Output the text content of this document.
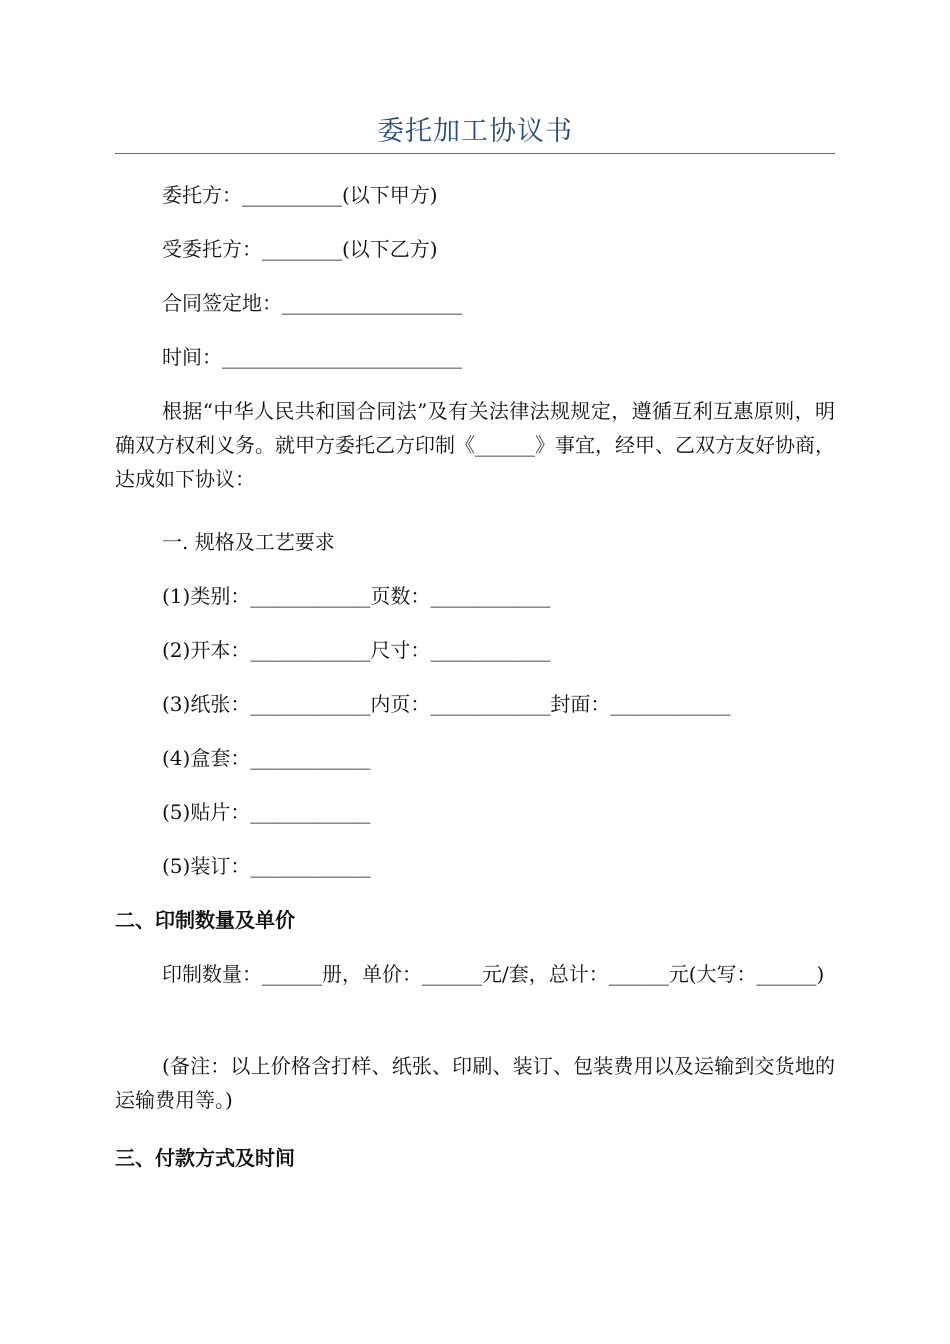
委托加工协议书
委托方：__________(以下甲方)
受委托方：________(以下乙方)
合同签定地：__________________
时间：________________________
根据“中华人民共和国合同法”及有关法律法规规定，遵循互利互惠原则，明确双方权利义务。就甲方委托乙方印制《______》事宜，经甲、乙双方友好协商，达成如下协议：
一. 规格及工艺要求
(1)类别：____________页数：____________
(2)开本：____________尺寸：____________
(3)纸张：____________内页：____________封面：____________
(4)盒套：____________
(5)贴片：____________
(5)装订：____________
二、印制数量及单价
印制数量：______册，单价：______元/套，总计：______元(大写：______)
(备注：以上价格含打样、纸张、印刷、装订、包装费用以及运输到交货地的运输费用等。)
三、付款方式及时间
